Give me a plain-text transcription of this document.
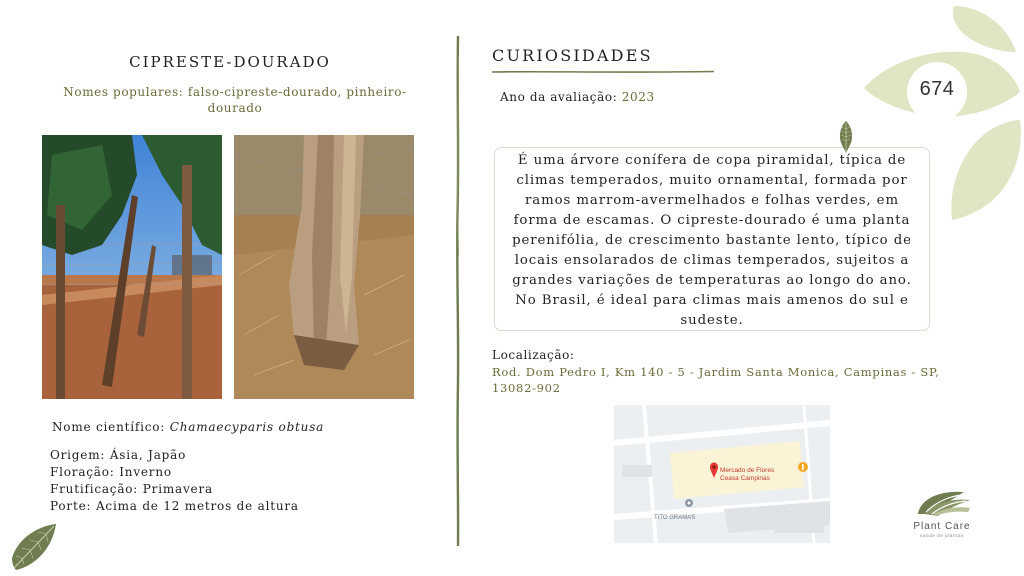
CIPRESTE-DOURADO
Nomes populares: falso-cipreste-dourado, pinheiro-dourado
Nome científico: Chamaecyparis obtusa
Origem: Ásia, Japão
Floração: Inverno
Frutificação: Primavera
Porte: Acima de 12 metros de altura
CURIOSIDADES
Ano da avaliação: 2023

É uma árvore conífera de copa piramidal, típica de climas temperados, muito ornamental, formada por ramos marrom-avermelhados e folhas verdes, em forma de escamas. O cipreste-dourado é uma planta perenifólia, de crescimento bastante lento, típico de locais ensolarados de climas temperados, sujeitos a grandes variações de temperaturas ao longo do ano. No Brasil, é ideal para climas mais amenos do sul e sudeste.

Localização:
Rod. Dom Pedro I, Km 140 - 5 - Jardim Santa Monica, Campinas - SP, 13082-902
Mercado de Flores
Ceasa Campinas
TITO GRAMAS
674
Plant Care
saúde de plantas
